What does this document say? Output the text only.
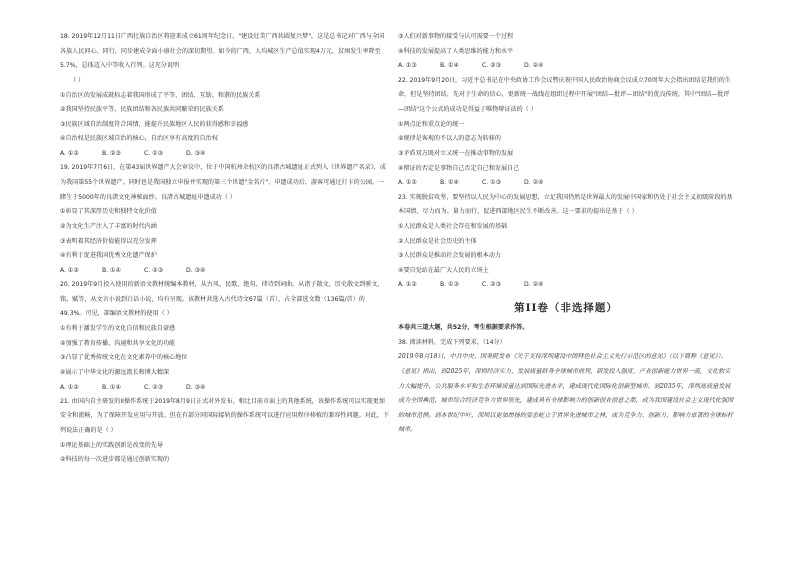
18. 2019年12月11日广西壮族自治区将迎来成立61周年纪念日。"建设壮美广西共圆复兴梦"，这是总书记对广西与全国各族人民同心、同行，同步建成全面小康社会的深切期望。如今的广西，人均城区生产总值实现4万元，贫困发生率降至5.7%，总体迈入中等收入行列。这充分说明
（ ）
①自治区的发展成就标志着我国形成了平等、团结、互助、和谐的民族关系
②我国坚持民族平等，民族团结和各民族共同繁荣的民族关系
③民族区域自治制度符合国情，能提升民族地区人民的获得感和幸福感
④自治权是民族区域自治的核心，自治区享有高度的自治权
A. ①②	B. ②③	C. ①③	D. ③④
19. 2019年7月6日，在第43届世界遗产大会审议中，位于中国杭州余杭区的良渚古城遗址正式列入《世界遗产名录》，成为我国第55个世界遗产。同时也是我国独立申报并实现的第三个世遗"金名片"。申遗成功后，游客可通过打卡的公园，一睹生于5000年的良渚文化神秘面纱。良渚古城遗址申遗成功（ ）
①彰显了其深厚历史和独特文化价值
②为文化生产注入了丰富的时代内涵
③表明着其经济价值能得以充分发挥
④有利于促进我国优秀文化遗产保护
A. ①②	B. ①④	C. ②③	D. ③④
20. 2019年9月投入使用的新语文教材统编本教材，从古风、民歌、绝句、律诗到词曲，从诸子散文、历史散文到骈文、铭、赋等，从文言小说到白话小说，均有呈现。该教材共选入古代诗文67篇（首），占全部选文数（136篇/首）的49.3%。可见，部编语文教材的使用（ ）
①有利于激发学生的文化自信和民族自豪感
②加强了教育传播、沟通和共享文化的功能
③凸显了优秀传统文化在文化素养中的核心地位
④展示了中华文化的源远流长和博大精深
A. ①②	B. ①④	C. ②③	D. ③④
21. 由国内自主研发的II操作系统于2019年8月9日正式对外发布。相比目前市面上的其他系统，该操作系统可以实现更加安全和流畅，为了保障开发应用与开放。但在有部分同国际接轨的操作系统可以进行应用程序移植的兼容性问题。对此，下列说法正确的是（ ）
①理论基础上的实践创新是改变的先导
②科技的每一次进步都是通过创新实现的
③人们对新事物的接受与认可需要一个过程
④科技的发展提高了人类思维的能力和水平
A. ①③	B. ①④	C. ②③	D. ②④
22. 2019年9月20日，习近平总书记在中央政协工作会议暨庆祝中国人民政治协商会议成立70周年大会指出团结是我们的生命，但是坚持团结，先对于生命的信心，更新统一战线在组织过程中开展"团结—批评—团结"的优良传统，其中"团结—批评—团结"这个公式的成功是得益于唯物辩证法的（ ）
①两点论和重点论的统一
②规律是客观的不以人的意志为转移的
③矛盾双方既对立又统一在推动事物的发展
④辩证的否定是事物自己否定自己和发展自己
A. ①②	B. ①④	C. ①③	D. ②④
23. 实现脱贫攻坚，要坚持以人民为中心的发展思想，立足我国仍然是世界最大的发展中国家和仍处于社会主义初级阶段的基本国情，尽力而为、量力而行，促进西部地区民生不断改善。这一要求的提出是基于（ ）
①人民群众是人类社会存在和发展的基础
②人民群众是社会历史的主体
③人民群众是推动社会发展的根本动力
④要自觉站在最广大人民的立场上
A. ①②	B. ①③	C. ②③	D. ②④
第II卷（非选择题）
本卷共三道大题，共52分，考生根据要求作答。
38. 阅读材料，完成下列要求。（14分）
2019年8月18日，中共中央、国务院发布《关于支持深圳建设中国特色社会主义先行示范区的意见》（以下简称《意见》）。《意见》指出，到2025年，深圳经济实力、发展质量跻身全球城市前列，研发投入强度、产业创新能力世界一流，文化软实力大幅提升，公共服务水平和生态环境质量达到国际先进水平，建成现代化国际化创新型城市。到2035年，深圳高质量发展成为全国典范，城市综合经济竞争力世界领先，建成具有全球影响力的创新创业创意之都，成为我国建设社会主义现代化强国的城市范例。到本世纪中叶，深圳以更加昂扬的姿态屹立于世界先进城市之林，成为竞争力、创新力、影响力卓著的全球标杆城市。
